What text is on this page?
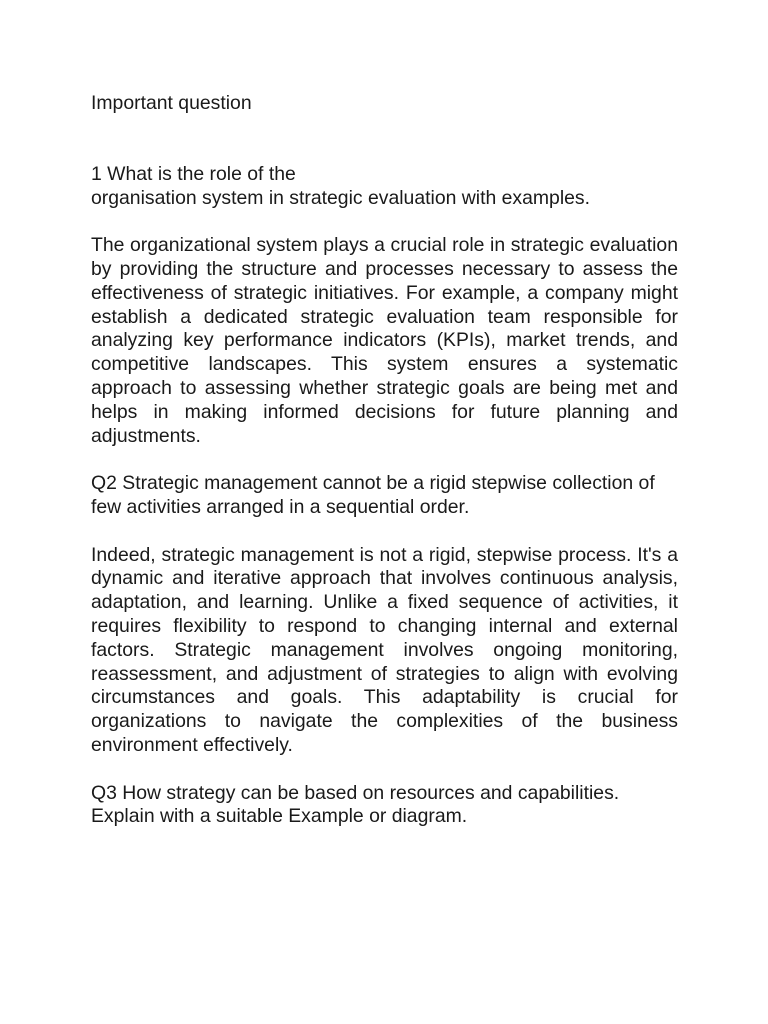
Important question

1 What is the role of the
organisation system in strategic evaluation with examples.

The organizational system plays a crucial role in strategic evaluation by providing the structure and processes necessary to assess the effectiveness of strategic initiatives. For example, a company might establish a dedicated strategic evaluation team responsible for analyzing key performance indicators (KPIs), market trends, and competitive landscapes. This system ensures a systematic approach to assessing whether strategic goals are being met and helps in making informed decisions for future planning and adjustments.

Q2 Strategic management cannot be a rigid stepwise collection of few activities arranged in a sequential order.

Indeed, strategic management is not a rigid, stepwise process. It's a dynamic and iterative approach that involves continuous analysis, adaptation, and learning. Unlike a fixed sequence of activities, it requires flexibility to respond to changing internal and external factors. Strategic management involves ongoing monitoring, reassessment, and adjustment of strategies to align with evolving circumstances and goals. This adaptability is crucial for organizations to navigate the complexities of the business environment effectively.

Q3 How strategy can be based on resources and capabilities.
Explain with a suitable Example or diagram.
